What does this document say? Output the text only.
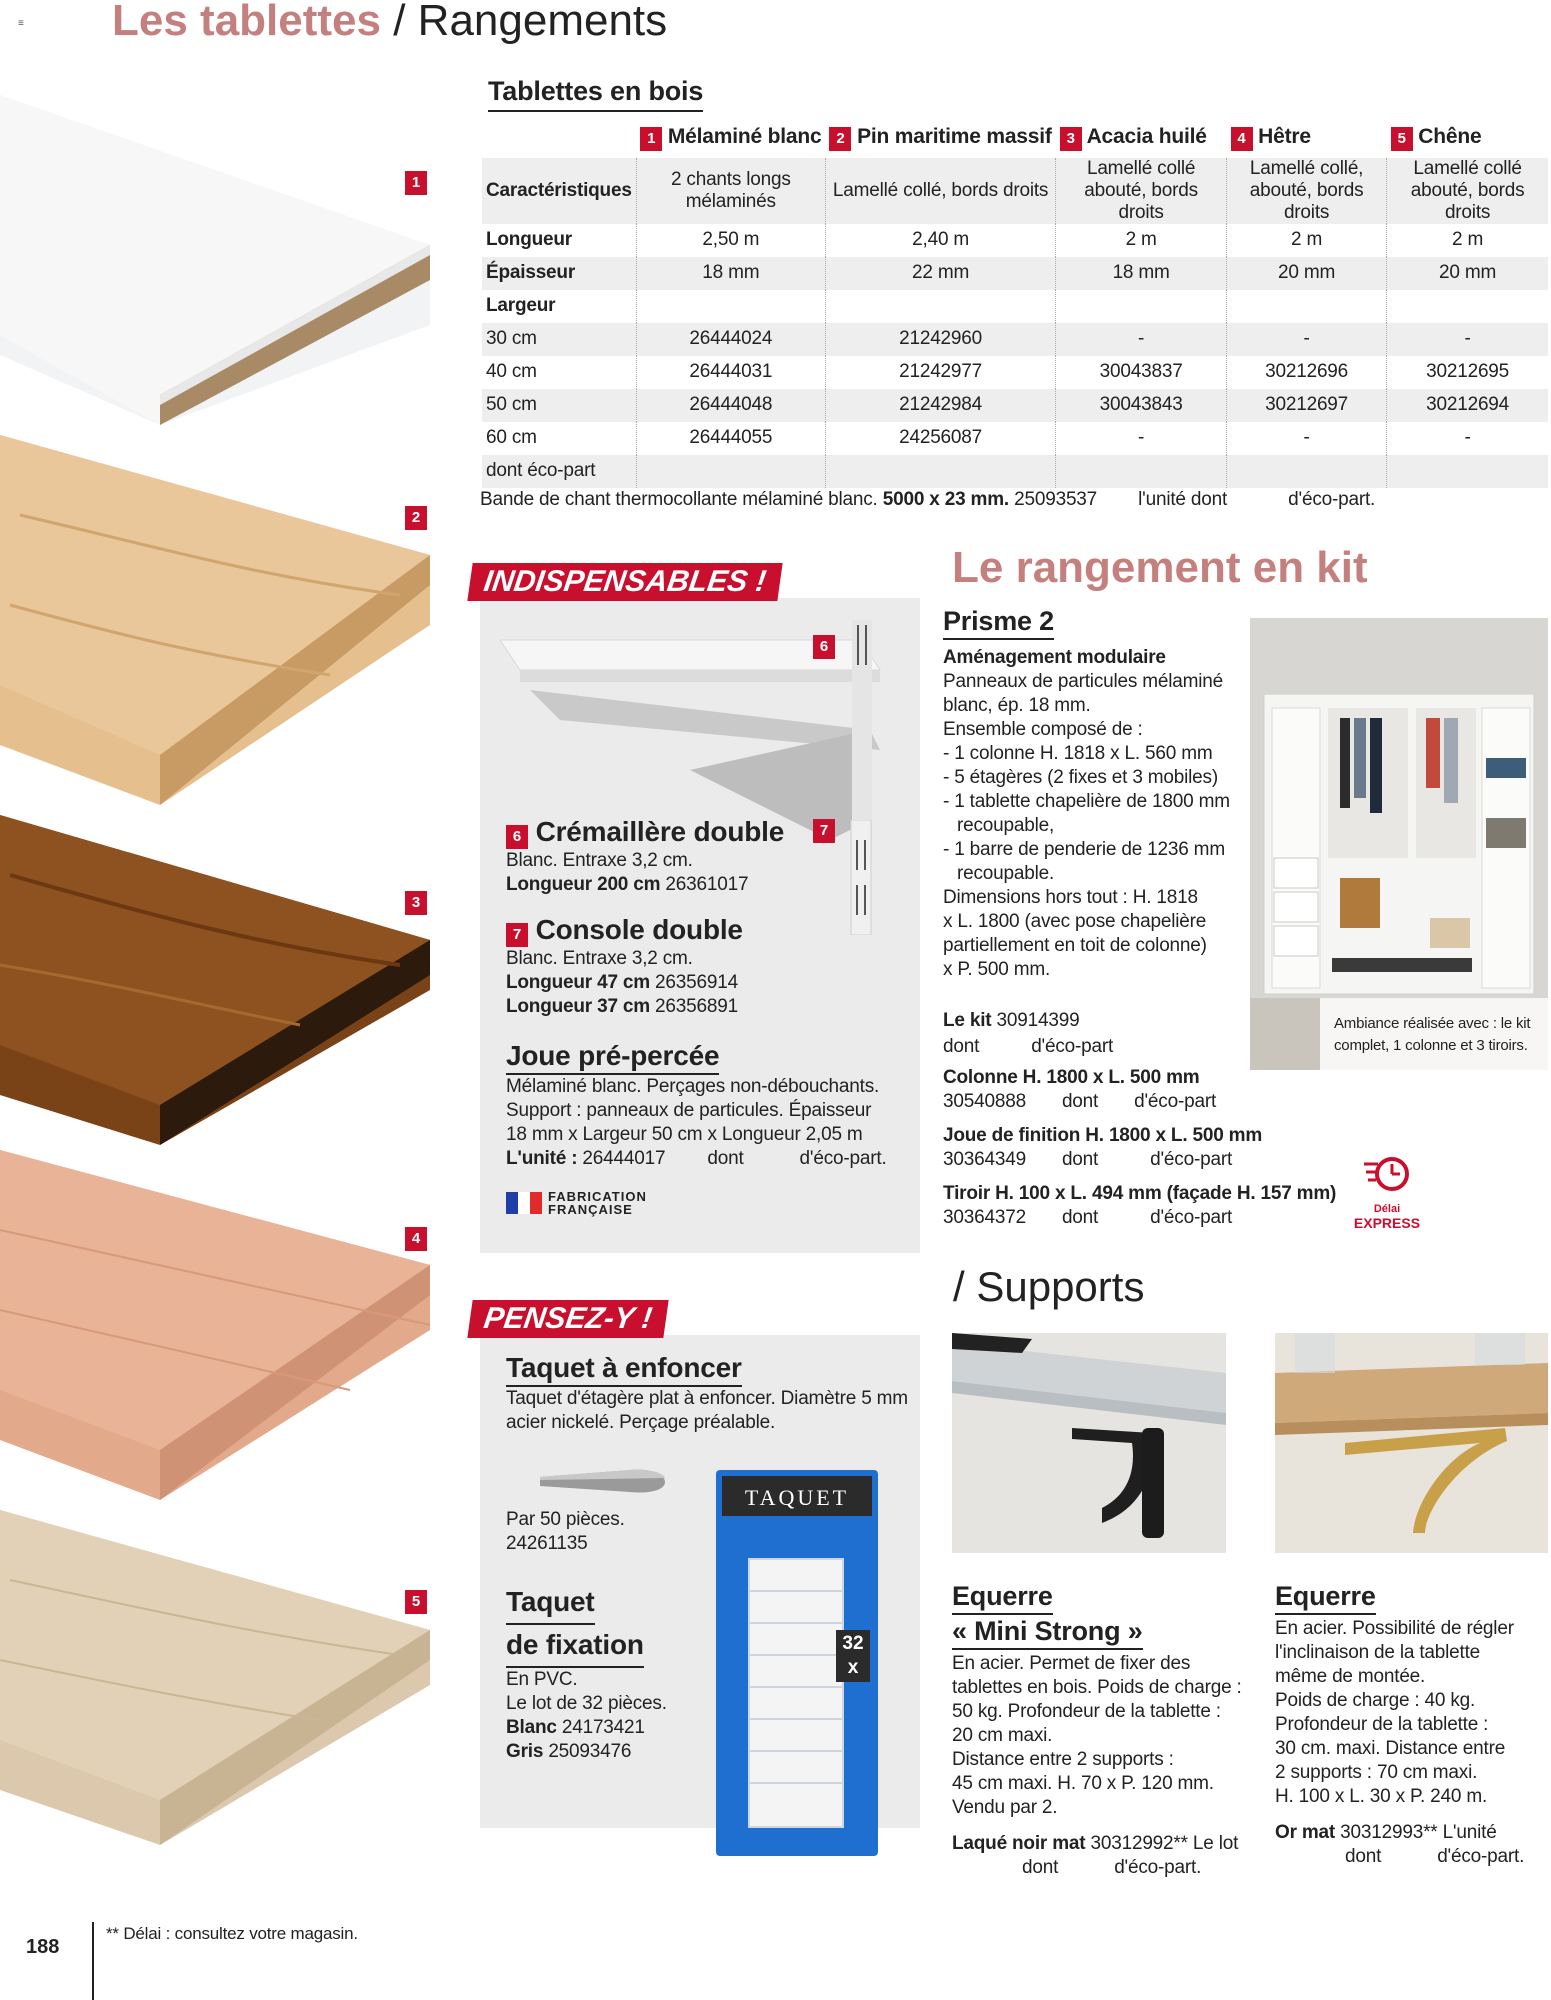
≡ Les tablettes / Rangements
1
2
3
4
5
Tablettes en bois
	1 Mélaminé blanc	2 Pin maritime massif	3 Acacia huilé	4 Hêtre	5 Chêne
Caractéristiques	2 chants longs mélaminés	Lamellé collé, bords droits	Lamellé collé abouté, bords droits	Lamellé collé, abouté, bords droits	Lamellé collé abouté, bords droits
Longueur	2,50 m	2,40 m	2 m	2 m	2 m
Épaisseur	18 mm	22 mm	18 mm	20 mm	20 mm
Largeur					
30 cm	26444024	21242960	-	-	-
40 cm	26444031	21242977	30043837	30212696	30212695
50 cm	26444048	21242984	30043843	30212697	30212694
60 cm	26444055	24256087	-	-	-
dont éco-part					
Bande de chant thermocollante mélaminé blanc. 5000 x 23 mm. 25093537 l'unité dont	d'éco-part.
INDISPENSABLES !
6
7
6 Crémaillère double
Blanc. Entraxe 3,2 cm.
Longueur 200 cm 26361017
7 Console double
Blanc. Entraxe 3,2 cm.
Longueur 47 cm 26356914
Longueur 37 cm 26356891
Joue pré-percée
Mélaminé blanc. Perçages non-débouchants.
Support : panneaux de particules. Épaisseur
18 mm x Largeur 50 cm x Longueur 2,05 m
L'unité : 26444017 dont	d'éco-part.
FABRICATION
FRANÇAISE
PENSEZ-Y !
Taquet à enfoncer
Taquet d'étagère plat à enfoncer. Diamètre 5 mm
acier nickelé. Perçage préalable.
Par 50 pièces.
24261135
Taquet
de fixation
En PVC.
Le lot de 32 pièces.
Blanc 24173421
Gris 25093476
TAQUET
32
x
Le rangement en kit
Prisme 2
Aménagement modulaire
Panneaux de particules mélaminé
blanc, ép. 18 mm.
Ensemble composé de :
- 1 colonne H. 1818 x L. 560 mm
- 5 étagères (2 fixes et 3 mobiles)
- 1 tablette chapelière de 1800 mm
recoupable,
- 1 barre de penderie de 1236 mm
recoupable.
Dimensions hors tout : H. 1818
x L. 1800 (avec pose chapelière
partiellement en toit de colonne)
x P. 500 mm.
Le kit 30914399
dont	d'éco-part
Colonne H. 1800 x L. 500 mm
30540888 dont d'éco-part
Joue de finition H. 1800 x L. 500 mm
30364349 dont	d'éco-part
Tiroir H. 100 x L. 494 mm (façade H. 157 mm)
30364372 dont	d'éco-part
Ambiance réalisée avec : le kit
complet, 1 colonne et 3 tiroirs.
Délai
EXPRESS
/ Supports
Equerre
« Mini Strong »
En acier. Permet de fixer des
tablettes en bois. Poids de charge :
50 kg. Profondeur de la tablette :
20 cm maxi.
Distance entre 2 supports :
45 cm maxi. H. 70 x P. 120 mm.
Vendu par 2.
Laqué noir mat 30312992** Le lot
dont	d'éco-part.
Equerre
En acier. Possibilité de régler
l'inclinaison de la tablette
même de montée.
Poids de charge : 40 kg.
Profondeur de la tablette :
30 cm. maxi. Distance entre
2 supports : 70 cm maxi.
H. 100 x L. 30 x P. 240 m.
Or mat 30312993** L'unité
dont	d'éco-part.
188
** Délai : consultez votre magasin.
